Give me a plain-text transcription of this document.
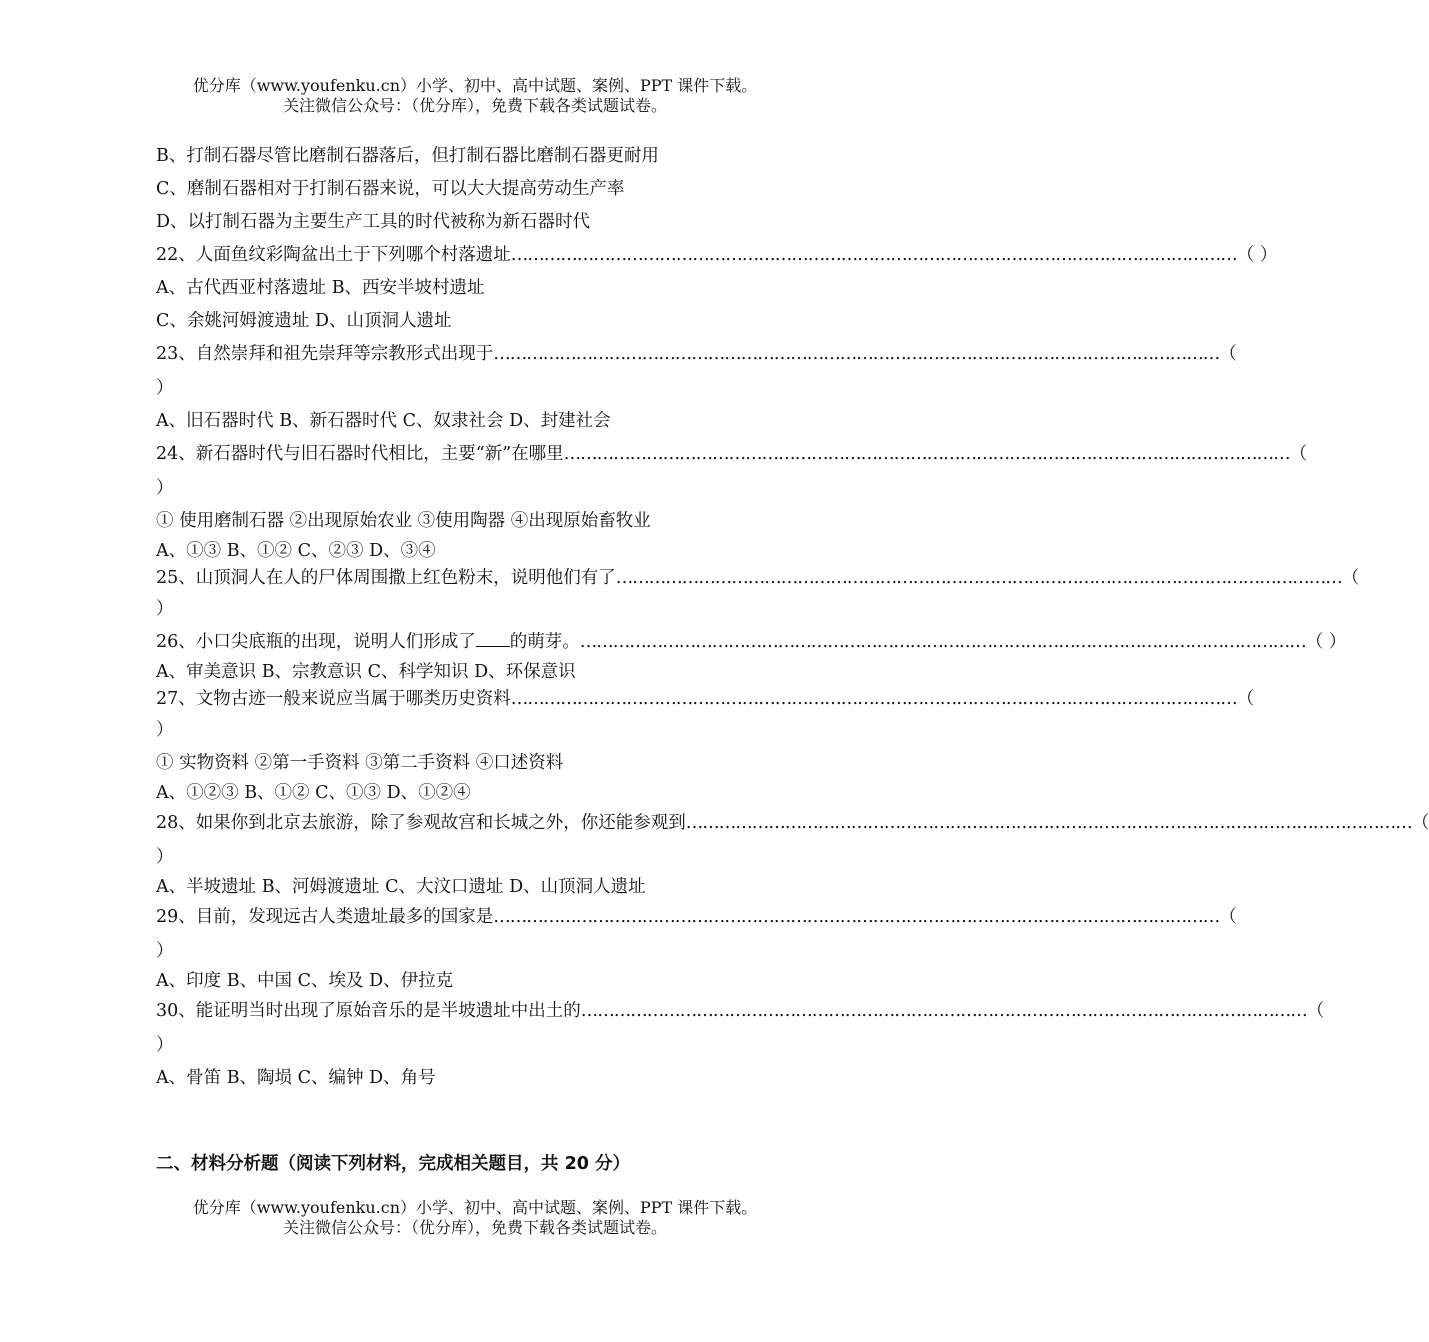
优分库（www.youfenku.cn）小学、初中、高中试题、案例、PPT 课件下载。
关注微信公众号：（优分库），免费下载各类试题试卷。
B、打制石器尽管比磨制石器落后，但打制石器比磨制石器更耐用
C、磨制石器相对于打制石器来说，可以大大提高劳动生产率
D、以打制石器为主要生产工具的时代被称为新石器时代
22、人面鱼纹彩陶盆出土于下列哪个村落遗址 …………………………………………………………………………………………………………………… （ ）
A、古代西亚村落遗址 B、西安半坡村遗址
C、余姚河姆渡遗址 D、山顶洞人遗址
23、自然崇拜和祖先崇拜等宗教形式出现于 …………………………………………………………………………………………………………………… （
）
A、旧石器时代 B、新石器时代 C、奴隶社会 D、封建社会
24、新石器时代与旧石器时代相比，主要“新”在哪里 …………………………………………………………………………………………………………………… （
）
① 使用磨制石器 ②出现原始农业 ③使用陶器 ④出现原始畜牧业
A、①③ B、①② C、②③ D、③④
25、山顶洞人在人的尸体周围撒上红色粉末，说明他们有了 …………………………………………………………………………………………………………………… （
）
26、小口尖底瓶的出现，说明人们形成了 的萌芽。 …………………………………………………………………………………………………………………… （ ）
A、审美意识 B、宗教意识 C、科学知识 D、环保意识
27、文物古迹一般来说应当属于哪类历史资料 …………………………………………………………………………………………………………………… （
）
① 实物资料 ②第一手资料 ③第二手资料 ④口述资料
A、①②③ B、①② C、①③ D、①②④
28、如果你到北京去旅游，除了参观故宫和长城之外，你还能参观到 …………………………………………………………………………………………………………………… （
）
A、半坡遗址 B、河姆渡遗址 C、大汶口遗址 D、山顶洞人遗址
29、目前，发现远古人类遗址最多的国家是 …………………………………………………………………………………………………………………… （
）
A、印度 B、中国 C、埃及 D、伊拉克
30、能证明当时出现了原始音乐的是半坡遗址中出土的 …………………………………………………………………………………………………………………… （
）
A、骨笛 B、陶埙 C、编钟 D、角号
二、材料分析题（阅读下列材料，完成相关题目，共 20 分）
优分库（www.youfenku.cn）小学、初中、高中试题、案例、PPT 课件下载。
关注微信公众号：（优分库），免费下载各类试题试卷。
